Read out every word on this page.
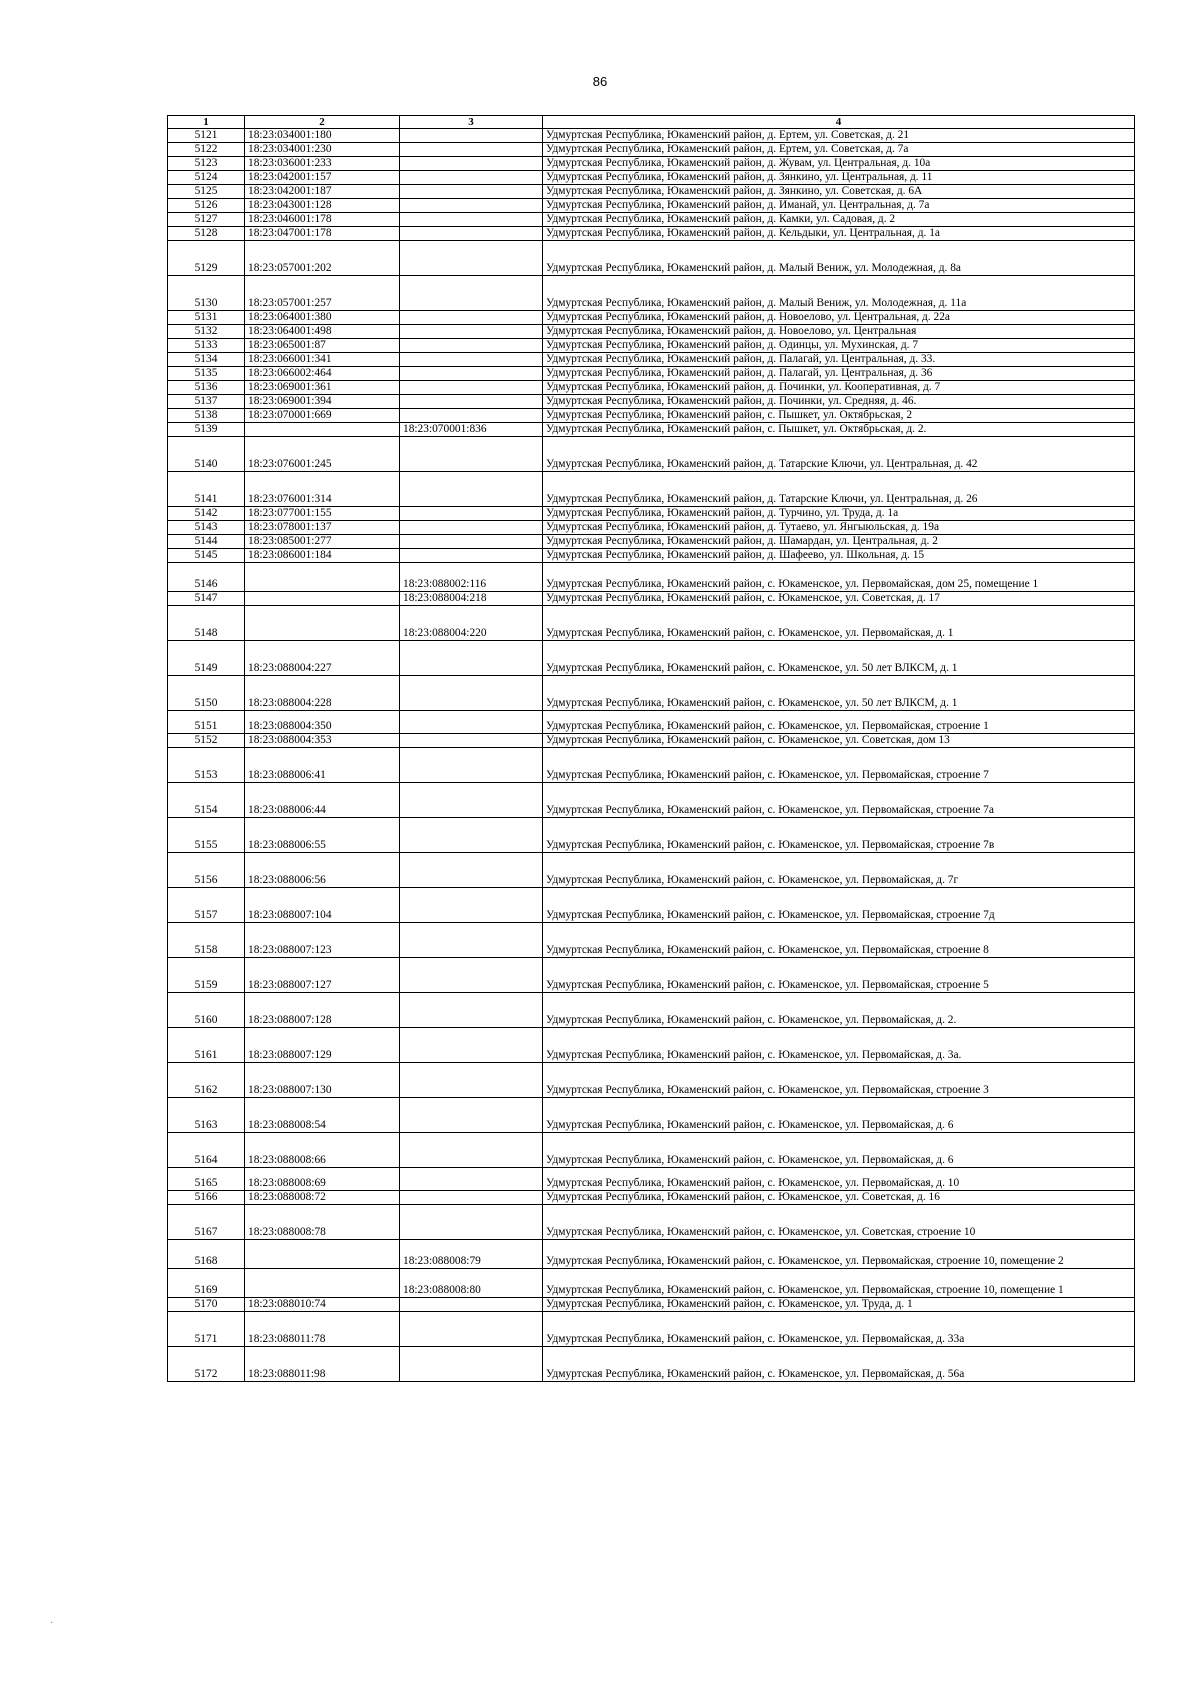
86
1	2	3	4
5121	18:23:034001:180		Удмуртская Республика, Юкаменский район, д. Ертем, ул. Советская, д. 21
5122	18:23:034001:230		Удмуртская Республика, Юкаменский район, д. Ертем, ул. Советская, д. 7а
5123	18:23:036001:233		Удмуртская Республика, Юкаменский район, д. Жувам, ул. Центральная, д. 10а
5124	18:23:042001:157		Удмуртская Республика, Юкаменский район, д. Зянкино, ул. Центральная, д. 11
5125	18:23:042001:187		Удмуртская Республика, Юкаменский район, д. Зянкино, ул. Советская, д. 6А
5126	18:23:043001:128		Удмуртская Республика, Юкаменский район, д. Иманай, ул. Центральная, д. 7а
5127	18:23:046001:178		Удмуртская Республика, Юкаменский район, д. Камки, ул. Садовая, д. 2
5128	18:23:047001:178		Удмуртская Республика, Юкаменский район, д. Кельдыки, ул. Центральная, д. 1а
5129	18:23:057001:202		Удмуртская Республика, Юкаменский район, д. Малый Вениж, ул. Молодежная, д. 8а
5130	18:23:057001:257		Удмуртская Республика, Юкаменский район, д. Малый Вениж, ул. Молодежная, д. 11а
5131	18:23:064001:380		Удмуртская Республика, Юкаменский район, д. Новоелово, ул. Центральная, д. 22а
5132	18:23:064001:498		Удмуртская Республика, Юкаменский район, д. Новоелово, ул. Центральная
5133	18:23:065001:87		Удмуртская Республика, Юкаменский район, д. Одинцы, ул. Мухинская, д. 7
5134	18:23:066001:341		Удмуртская Республика, Юкаменский район, д. Палагай, ул. Центральная, д. 33.
5135	18:23:066002:464		Удмуртская Республика, Юкаменский район, д. Палагай, ул. Центральная, д. 36
5136	18:23:069001:361		Удмуртская Республика, Юкаменский район, д. Починки, ул. Кооперативная, д. 7
5137	18:23:069001:394		Удмуртская Республика, Юкаменский район, д. Починки, ул. Средняя, д. 46.
5138	18:23:070001:669		Удмуртская Республика, Юкаменский район, с. Пышкет, ул. Октябрьская, 2
5139		18:23:070001:836	Удмуртская Республика, Юкаменский район, с. Пышкет, ул. Октябрьская, д. 2.
5140	18:23:076001:245		Удмуртская Республика, Юкаменский район, д. Татарские Ключи, ул. Центральная, д. 42
5141	18:23:076001:314		Удмуртская Республика, Юкаменский район, д. Татарские Ключи, ул. Центральная, д. 26
5142	18:23:077001:155		Удмуртская Республика, Юкаменский район, д. Турчино, ул. Труда, д. 1а
5143	18:23:078001:137		Удмуртская Республика, Юкаменский район, д. Тутаево, ул. Янгыюльская, д. 19а
5144	18:23:085001:277		Удмуртская Республика, Юкаменский район, д. Шамардан, ул. Центральная, д. 2
5145	18:23:086001:184		Удмуртская Республика, Юкаменский район, д. Шафеево, ул. Школьная, д. 15
5146		18:23:088002:116	Удмуртская Республика, Юкаменский район, с. Юкаменское, ул. Первомайская, дом 25, помещение 1
5147		18:23:088004:218	Удмуртская Республика, Юкаменский район, с. Юкаменское, ул. Советская, д. 17
5148		18:23:088004:220	Удмуртская Республика, Юкаменский район, с. Юкаменское, ул. Первомайская, д. 1
5149	18:23:088004:227		Удмуртская Республика, Юкаменский район, с. Юкаменское, ул. 50 лет ВЛКСМ, д. 1
5150	18:23:088004:228		Удмуртская Республика, Юкаменский район, с. Юкаменское, ул. 50 лет ВЛКСМ, д. 1
5151	18:23:088004:350		Удмуртская Республика, Юкаменский район, с. Юкаменское, ул. Первомайская, строение 1
5152	18:23:088004:353		Удмуртская Республика, Юкаменский район, с. Юкаменское, ул. Советская, дом 13
5153	18:23:088006:41		Удмуртская Республика, Юкаменский район, с. Юкаменское, ул. Первомайская, строение 7
5154	18:23:088006:44		Удмуртская Республика, Юкаменский район, с. Юкаменское, ул. Первомайская, строение 7а
5155	18:23:088006:55		Удмуртская Республика, Юкаменский район, с. Юкаменское, ул. Первомайская, строение 7в
5156	18:23:088006:56		Удмуртская Республика, Юкаменский район, с. Юкаменское, ул. Первомайская, д. 7г
5157	18:23:088007:104		Удмуртская Республика, Юкаменский район, с. Юкаменское, ул. Первомайская, строение 7д
5158	18:23:088007:123		Удмуртская Республика, Юкаменский район, с. Юкаменское, ул. Первомайская, строение 8
5159	18:23:088007:127		Удмуртская Республика, Юкаменский район, с. Юкаменское, ул. Первомайская, строение 5
5160	18:23:088007:128		Удмуртская Республика, Юкаменский район, с. Юкаменское, ул. Первомайская, д. 2.
5161	18:23:088007:129		Удмуртская Республика, Юкаменский район, с. Юкаменское, ул. Первомайская, д. 3а.
5162	18:23:088007:130		Удмуртская Республика, Юкаменский район, с. Юкаменское, ул. Первомайская, строение 3
5163	18:23:088008:54		Удмуртская Республика, Юкаменский район, с. Юкаменское, ул. Первомайская, д. 6
5164	18:23:088008:66		Удмуртская Республика, Юкаменский район, с. Юкаменское, ул. Первомайская, д. 6
5165	18:23:088008:69		Удмуртская Республика, Юкаменский район, с. Юкаменское, ул. Первомайская, д. 10
5166	18:23:088008:72		Удмуртская Республика, Юкаменский район, с. Юкаменское, ул. Советская, д. 16
5167	18:23:088008:78		Удмуртская Республика, Юкаменский район, с. Юкаменское, ул. Советская, строение 10
5168		18:23:088008:79	Удмуртская Республика, Юкаменский район, с. Юкаменское, ул. Первомайская, строение 10, помещение 2
5169		18:23:088008:80	Удмуртская Республика, Юкаменский район, с. Юкаменское, ул. Первомайская, строение 10, помещение 1
5170	18:23:088010:74		Удмуртская Республика, Юкаменский район, с. Юкаменское, ул. Труда, д. 1
5171	18:23:088011:78		Удмуртская Республика, Юкаменский район, с. Юкаменское, ул. Первомайская, д. 33а
5172	18:23:088011:98		Удмуртская Республика, Юкаменский район, с. Юкаменское, ул. Первомайская, д. 56а
·
